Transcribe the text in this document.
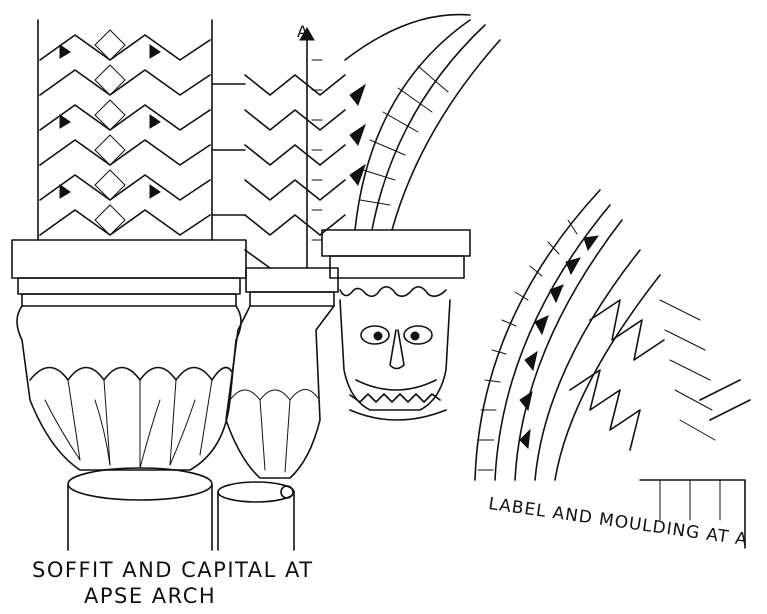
A
SOFFIT AND CAPITAL AT
APSE ARCH
LABEL AND MOULDING AT A
